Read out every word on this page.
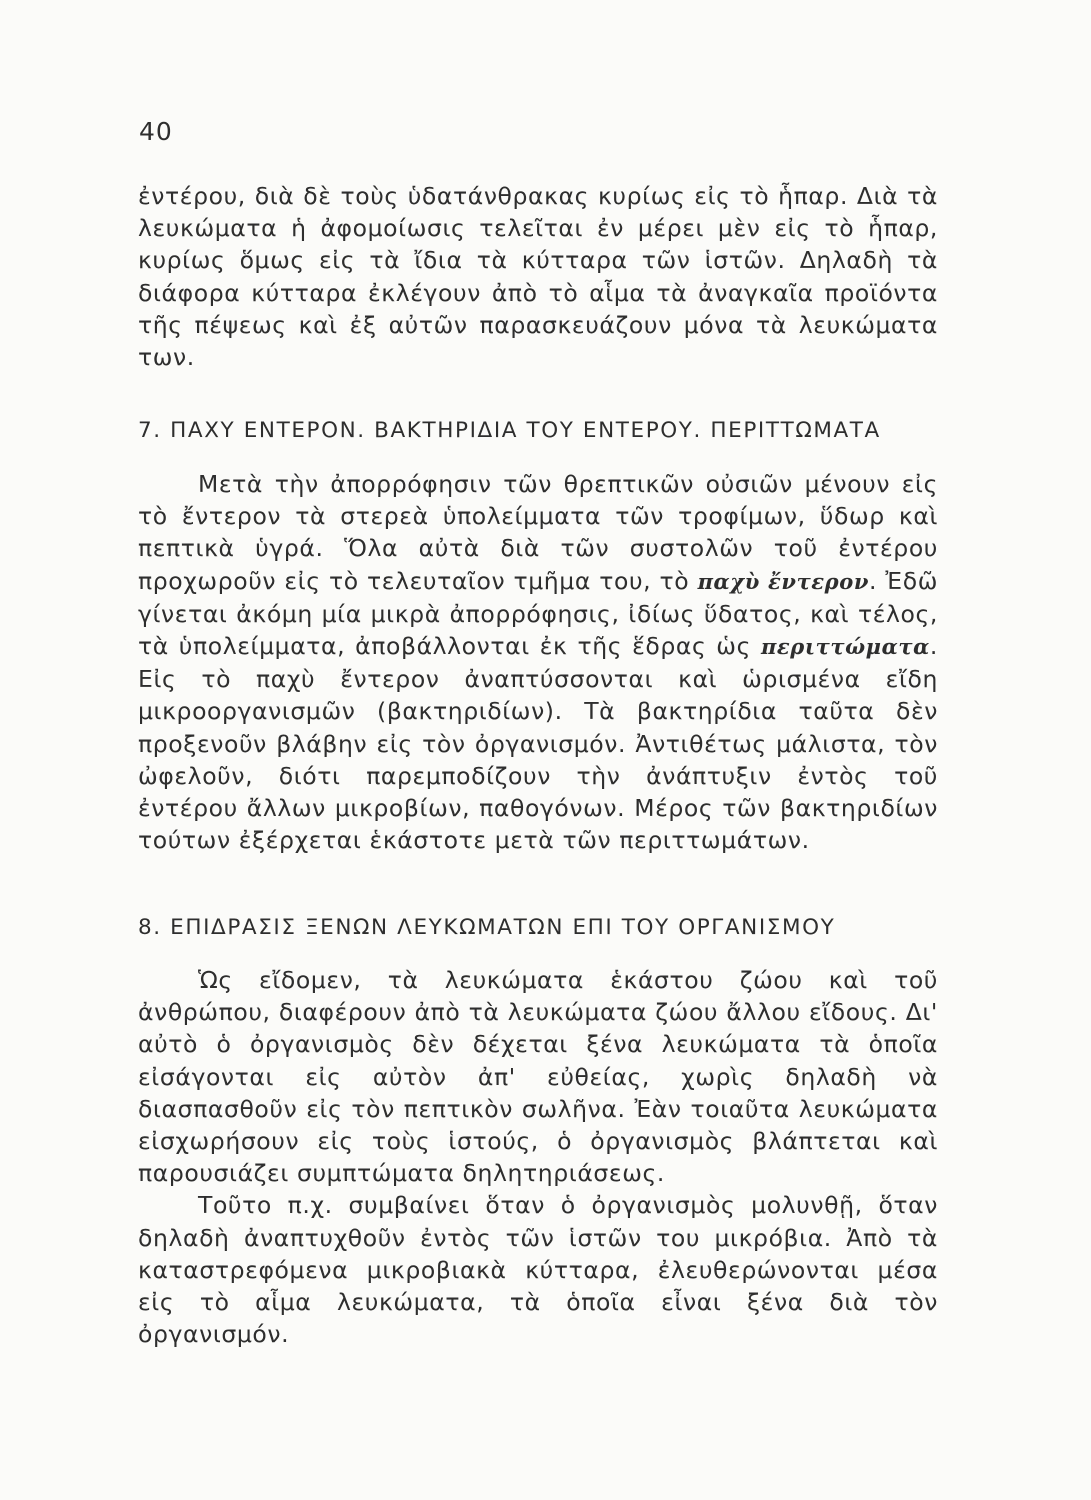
40

ἐντέρου, διὰ δὲ τοὺς ὑδατάνθρακας κυρίως εἰς τὸ ἧπαρ. Διὰ τὰ λευκώματα ἡ ἀφομοίωσις τελεῖται ἐν μέρει μὲν εἰς τὸ ἧπαρ, κυρίως ὅμως εἰς τὰ ἴδια τὰ κύτταρα τῶν ἱστῶν. Δηλαδὴ τὰ διάφορα κύτταρα ἐκλέγουν ἀπὸ τὸ αἷμα τὰ ἀναγκαῖα προϊόντα τῆς πέψεως καὶ ἐξ αὐτῶν παρασκευάζουν μόνα τὰ λευκώματα των.

7. ΠΑΧΥ ΕΝΤΕΡΟΝ. ΒΑΚΤΗΡΙΔΙΑ ΤΟΥ ΕΝΤΕΡΟΥ. ΠΕΡΙΤΤΩΜΑΤΑ

Μετὰ τὴν ἀπορρόφησιν τῶν θρεπτικῶν οὐσιῶν μένουν εἰς τὸ ἔντερον τὰ στερεὰ ὑπολείμματα τῶν τροφίμων, ὕδωρ καὶ πεπτικὰ ὑγρά. Ὅλα αὐτὰ διὰ τῶν συστολῶν τοῦ ἐντέρου προχωροῦν εἰς τὸ τελευταῖον τμῆμα του, τὸ παχὺ ἔντερον. Ἐδῶ γίνεται ἀκόμη μία μικρὰ ἀπορρόφησις, ἰδίως ὕδατος, καὶ τέλος, τὰ ὑπολείμματα, ἀποβάλλονται ἐκ τῆς ἕδρας ὡς περιττώματα. Εἰς τὸ παχὺ ἔντερον ἀναπτύσσονται καὶ ὡρισμένα εἴδη μικροοργανισμῶν (βακτηριδίων). Τὰ βακτηρίδια ταῦτα δὲν προξενοῦν βλάβην εἰς τὸν ὀργανισμόν. Ἀντιθέτως μάλιστα, τὸν ὠφελοῦν, διότι παρεμποδίζουν τὴν ἀνάπτυξιν ἐντὸς τοῦ ἐντέρου ἄλλων μικροβίων, παθογόνων. Μέρος τῶν βακτηριδίων τούτων ἐξέρχεται ἑκάστοτε μετὰ τῶν περιττωμάτων.

8. ΕΠΙΔΡΑΣΙΣ ΞΕΝΩΝ ΛΕΥΚΩΜΑΤΩΝ ΕΠΙ ΤΟΥ ΟΡΓΑΝΙΣΜΟΥ

Ὡς εἴδομεν, τὰ λευκώματα ἑκάστου ζώου καὶ τοῦ ἀνθρώπου, διαφέρουν ἀπὸ τὰ λευκώματα ζώου ἄλλου εἴδους. Δι' αὐτὸ ὁ ὀργανισμὸς δὲν δέχεται ξένα λευκώματα τὰ ὁποῖα εἰσάγονται εἰς αὐτὸν ἀπ' εὐθείας, χωρὶς δηλαδὴ νὰ διασπασθοῦν εἰς τὸν πεπτικὸν σωλῆνα. Ἐὰν τοιαῦτα λευκώματα εἰσχωρήσουν εἰς τοὺς ἱστούς, ὁ ὀργανισμὸς βλάπτεται καὶ παρουσιάζει συμπτώματα δηλητηριάσεως.

Τοῦτο π.χ. συμβαίνει ὅταν ὁ ὀργανισμὸς μολυνθῇ, ὅταν δηλαδὴ ἀναπτυχθοῦν ἐντὸς τῶν ἱστῶν του μικρόβια. Ἀπὸ τὰ καταστρεφόμενα μικροβιακὰ κύτταρα, ἐλευθερώνονται μέσα εἰς τὸ αἷμα λευκώματα, τὰ ὁποῖα εἶναι ξένα διὰ τὸν ὀργανισμόν.
